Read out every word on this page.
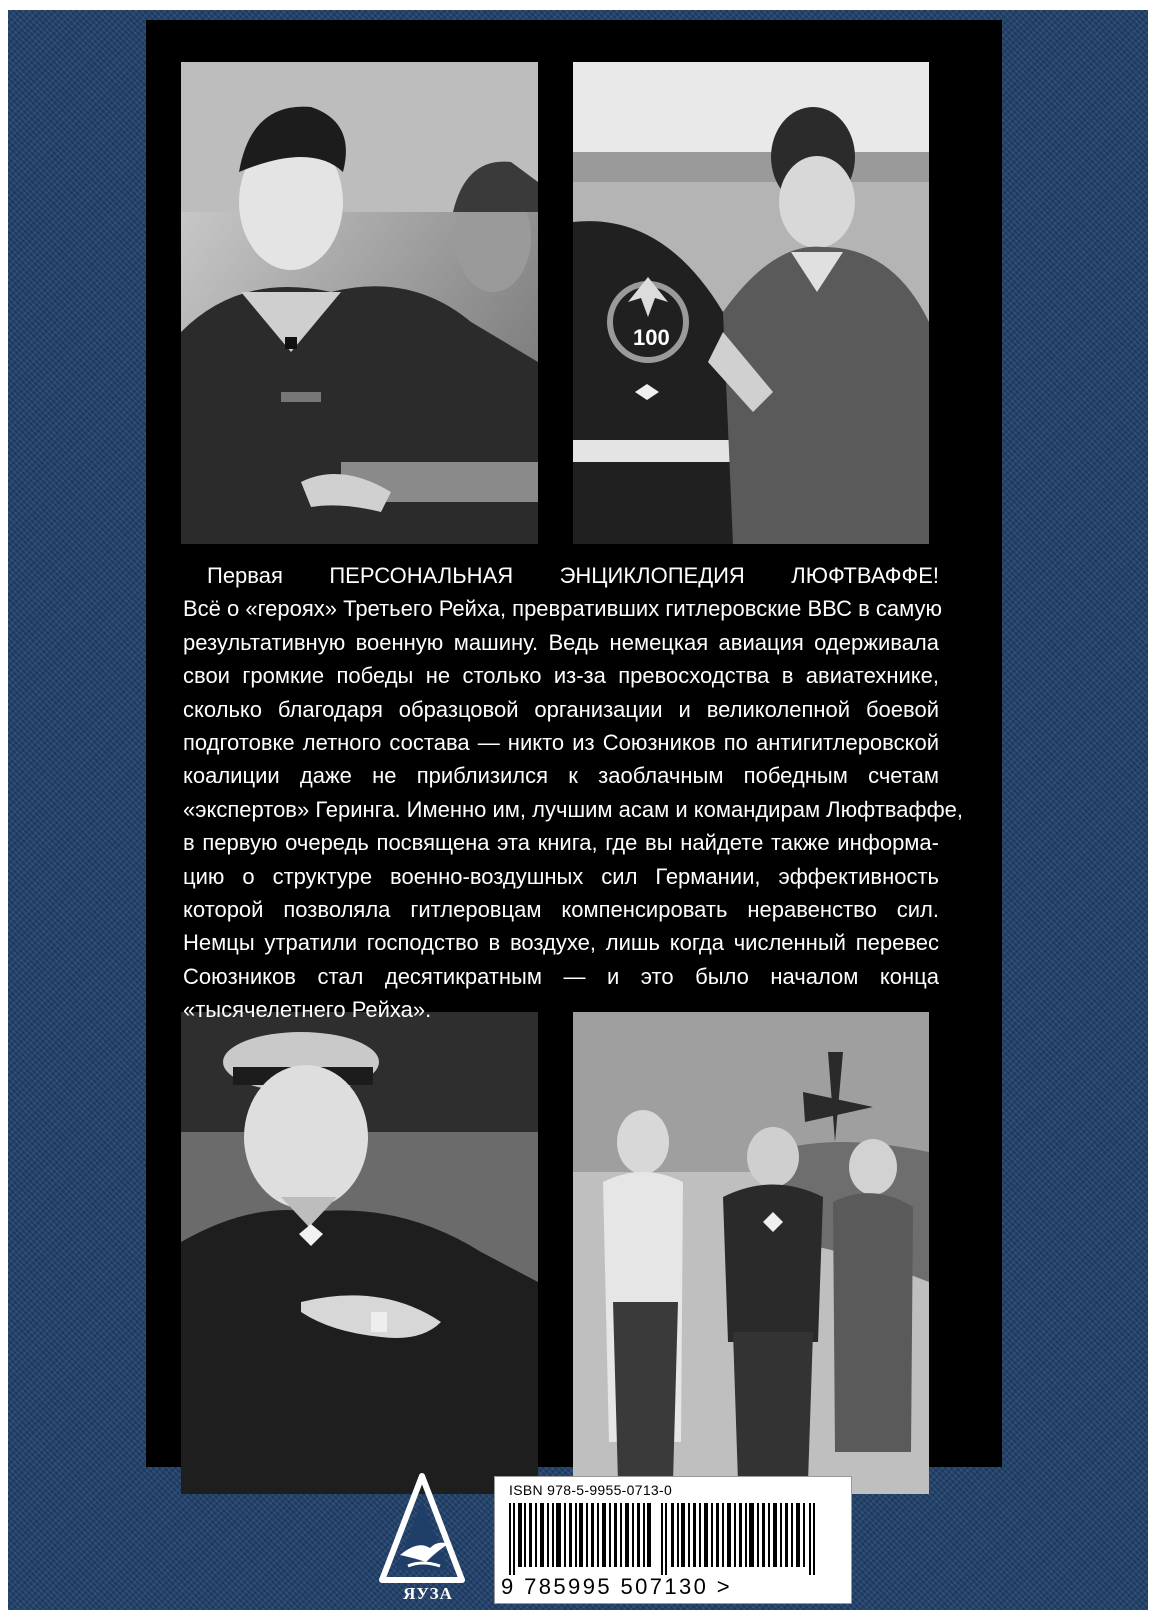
100
Первая ПЕРСОНАЛЬНАЯ ЭНЦИКЛОПЕДИЯ ЛЮФТВАФФЕ!
Всё о «героях» Третьего Рейха, превративших гитлеровские ВВС в самую
результативную военную машину. Ведь немецкая авиация одерживала
свои громкие победы не столько из-за превосходства в авиатехнике,
сколько благодаря образцовой организации и великолепной боевой
подготовке летного состава — никто из Союзников по антигитлеровской
коалиции даже не приблизился к заоблачным победным счетам
«экспертов» Геринга. Именно им, лучшим асам и командирам Люфтваффе,
в первую очередь посвящена эта книга, где вы найдете также информа-
цию о структуре военно-воздушных сил Германии, эффективность
которой позволяла гитлеровцам компенсировать неравенство сил.
Немцы утратили господство в воздухе, лишь когда численный перевес
Союзников стал десятикратным — и это было началом конца
«тысячелетнего Рейха».
ЯУЗА
ISBN 978-5-9955-0713-0
9 785995 507130 >
